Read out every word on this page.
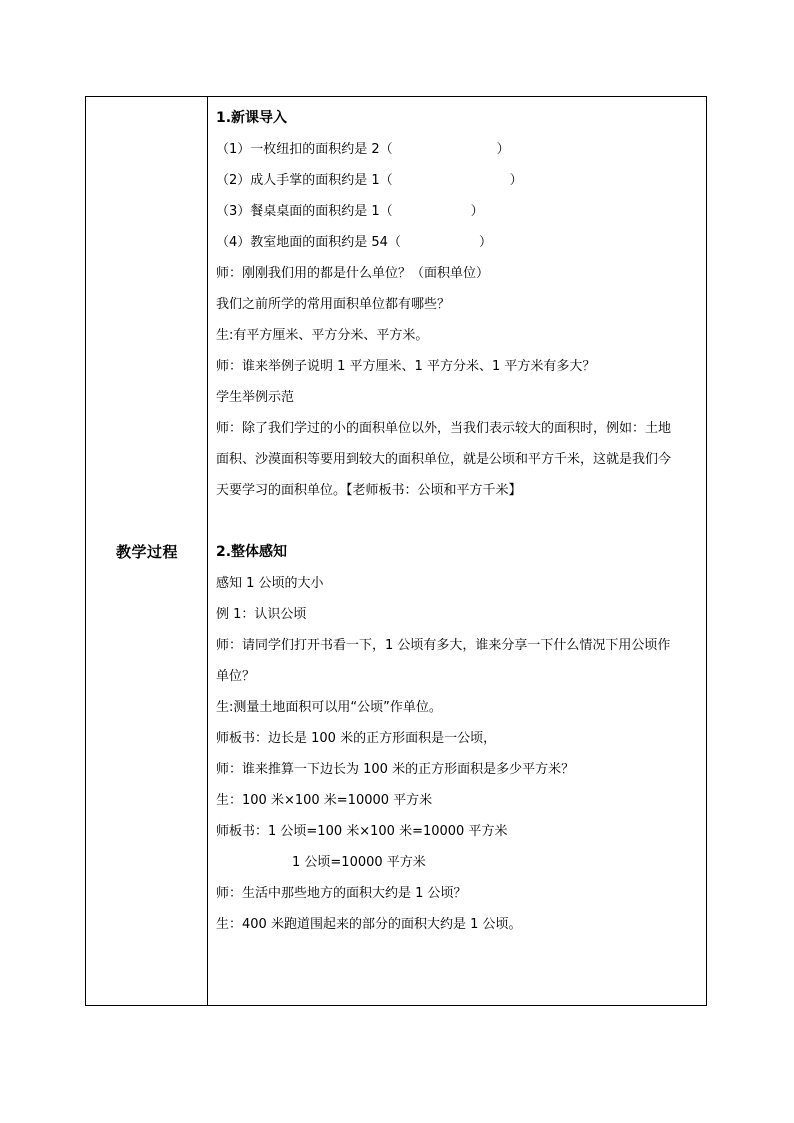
教学过程
1.新课导入
（1）一枚纽扣的面积约是 2（　　　　　　　　）
（2）成人手掌的面积约是 1（　　　　　　　　　）
（3）餐桌桌面的面积约是 1（　　　　　　）
（4）教室地面的面积约是 54（　　　　　　）
师：刚刚我们用的都是什么单位？（面积单位）
我们之前所学的常用面积单位都有哪些？
生:有平方厘米、平方分米、平方米。
师：谁来举例子说明 1 平方厘米、1 平方分米、1 平方米有多大？
学生举例示范
师：除了我们学过的小的面积单位以外，当我们表示较大的面积时，例如：土地
面积、沙漠面积等要用到较大的面积单位，就是公顷和平方千米，这就是我们今
天要学习的面积单位。【老师板书：公顷和平方千米】
2.整体感知
感知 1 公顷的大小
例 1：认识公顷
师：请同学们打开书看一下，1 公顷有多大，谁来分享一下什么情况下用公顷作
单位？
生:测量土地面积可以用“公顷”作单位。
师板书：边长是 100 米的正方形面积是一公顷，
师：谁来推算一下边长为 100 米的正方形面积是多少平方米？
生：100 米×100 米=10000 平方米
师板书：1 公顷=100 米×100 米=10000 平方米
1 公顷=10000 平方米
师：生活中那些地方的面积大约是 1 公顷？
生：400 米跑道围起来的部分的面积大约是 1 公顷。
